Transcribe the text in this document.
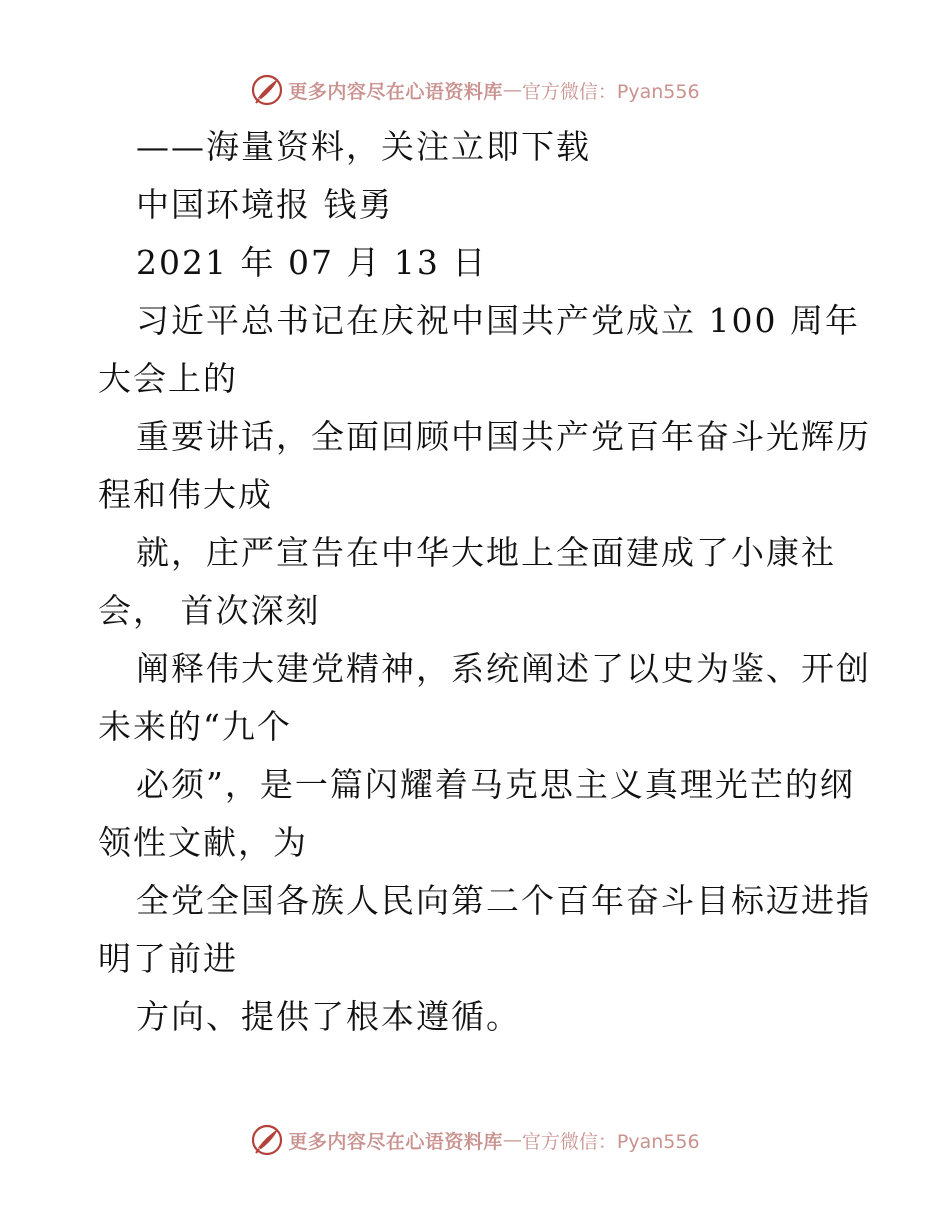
更多内容尽在心语资料库 — 官方微信：Pyan556
——海量资料，关注立即下载
中国环境报 钱勇
2021 年 07 月 13 日
习近平总书记在庆祝中国共产党成立 100 周年
大会上的
重要讲话，全面回顾中国共产党百年奋斗光辉历
程和伟大成
就，庄严宣告在中华大地上全面建成了小康社
会， 首次深刻
阐释伟大建党精神，系统阐述了以史为鉴、开创
未来的“九个
必须”，是一篇闪耀着马克思主义真理光芒的纲
领性文献，为
全党全国各族人民向第二个百年奋斗目标迈进指
明了前进
方向、提供了根本遵循。
更多内容尽在心语资料库 — 官方微信：Pyan556
